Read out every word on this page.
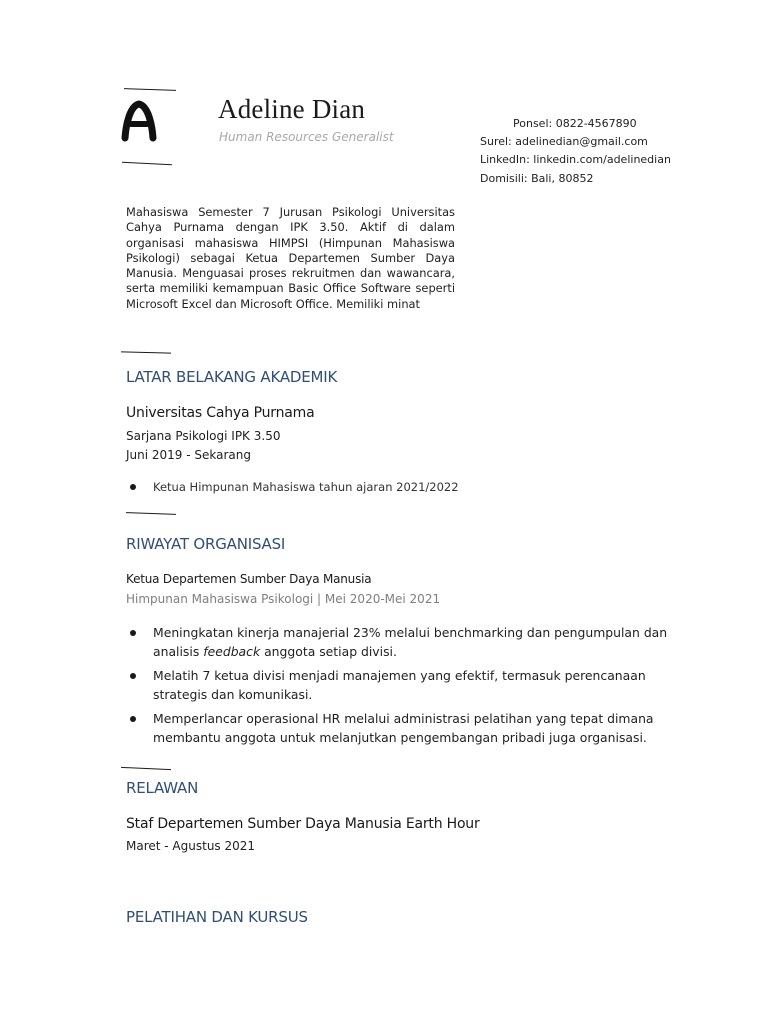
Adeline Dian
Human Resources Generalist
Ponsel: 0822-4567890
Surel: adelinedian@gmail.com
LinkedIn: linkedin.com/adelinedian
Domisili: Bali, 80852

Mahasiswa Semester 7 Jurusan Psikologi Universitas Cahya Purnama dengan IPK 3.50. Aktif di dalam organisasi mahasiswa HIMPSI (Himpunan Mahasiswa Psikologi) sebagai Ketua Departemen Sumber Daya Manusia. Menguasai proses rekruitmen dan wawancara, serta memiliki kemampuan Basic Office Software seperti Microsoft Excel dan Microsoft Office. Memiliki minat

LATAR BELAKANG AKADEMIK
Universitas Cahya Purnama
Sarjana Psikologi IPK 3.50
Juni 2019 - Sekarang
Ketua Himpunan Mahasiswa tahun ajaran 2021/2022
RIWAYAT ORGANISASI
Ketua Departemen Sumber Daya Manusia
Himpunan Mahasiswa Psikologi | Mei 2020-Mei 2021
Meningkatan kinerja manajerial 23% melalui benchmarking dan pengumpulan dan analisis feedback anggota setiap divisi.
Melatih 7 ketua divisi menjadi manajemen yang efektif, termasuk perencanaan strategis dan komunikasi.
Memperlancar operasional HR melalui administrasi pelatihan yang tepat dimana membantu anggota untuk melanjutkan pengembangan pribadi juga organisasi.
RELAWAN
Staf Departemen Sumber Daya Manusia Earth Hour
Maret - Agustus 2021
PELATIHAN DAN KURSUS
